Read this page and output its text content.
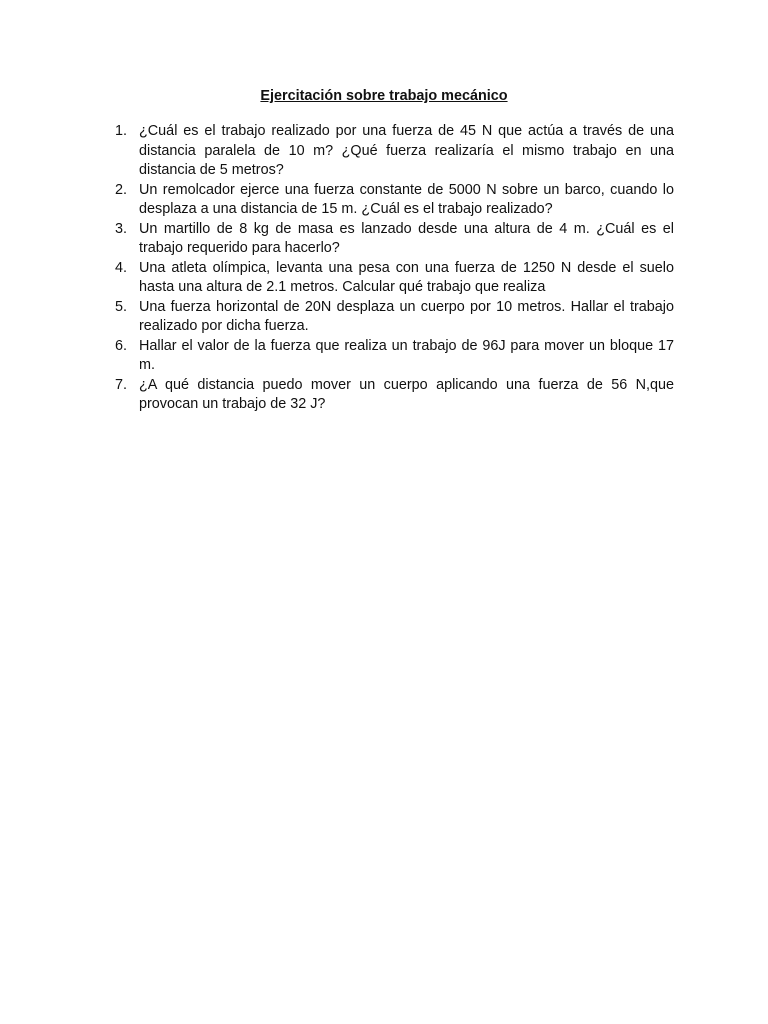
Ejercitación sobre trabajo mecánico
1. ¿Cuál es el trabajo realizado por una fuerza de 45 N que actúa a través de una distancia paralela de 10 m? ¿Qué fuerza realizaría el mismo trabajo en una distancia de 5 metros?
2. Un remolcador ejerce una fuerza constante de 5000 N sobre un barco, cuando lo desplaza a una distancia de 15 m. ¿Cuál es el trabajo realizado?
3. Un martillo de 8 kg de masa es lanzado desde una altura de 4 m. ¿Cuál es el trabajo requerido para hacerlo?
4. Una atleta olímpica, levanta una pesa con una fuerza de 1250 N desde el suelo hasta una altura de 2.1 metros. Calcular qué trabajo que realiza
5. Una fuerza horizontal de 20N desplaza un cuerpo por 10 metros. Hallar el trabajo realizado por dicha fuerza.
6. Hallar el valor de la fuerza que realiza un trabajo de 96J para mover un bloque 17 m.
7. ¿A qué distancia puedo mover un cuerpo aplicando una fuerza de 56 N,que provocan un trabajo de 32 J?
